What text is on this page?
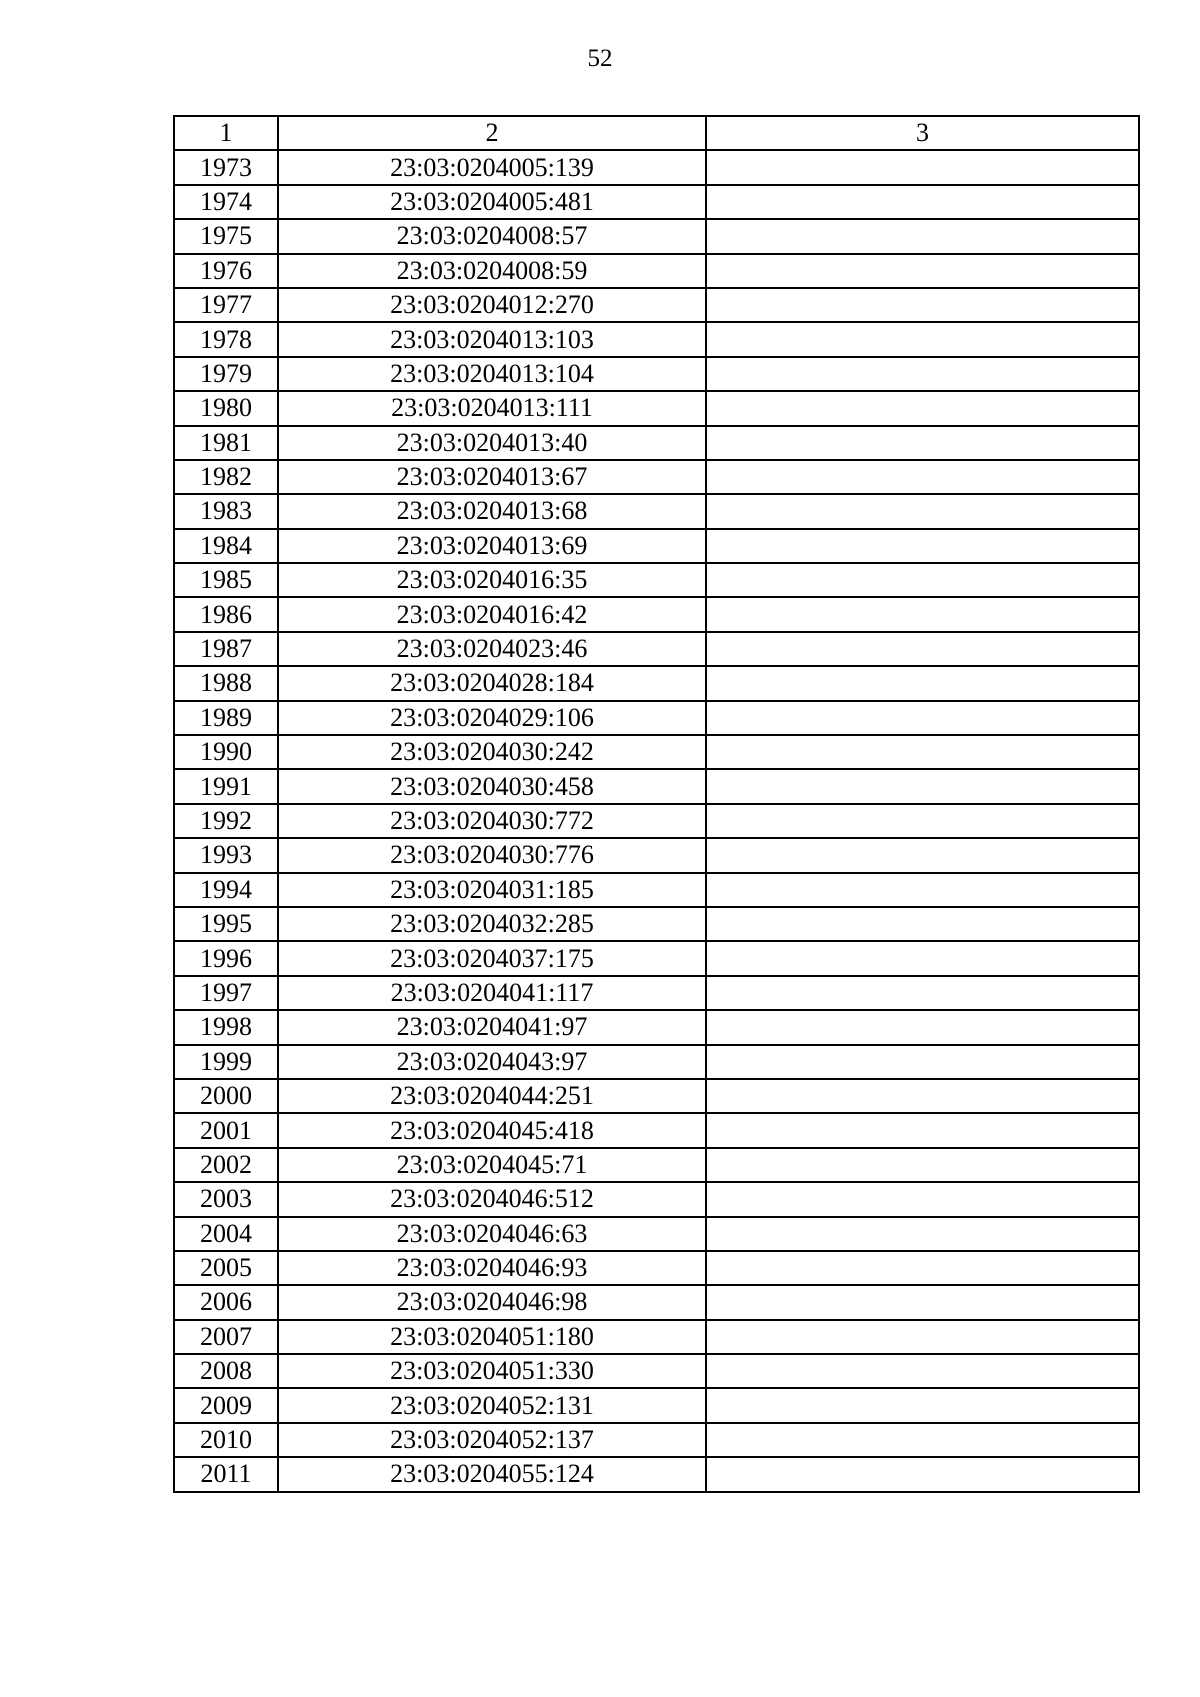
52
1	2	3
1973	23:03:0204005:139	
1974	23:03:0204005:481	
1975	23:03:0204008:57	
1976	23:03:0204008:59	
1977	23:03:0204012:270	
1978	23:03:0204013:103	
1979	23:03:0204013:104	
1980	23:03:0204013:111	
1981	23:03:0204013:40	
1982	23:03:0204013:67	
1983	23:03:0204013:68	
1984	23:03:0204013:69	
1985	23:03:0204016:35	
1986	23:03:0204016:42	
1987	23:03:0204023:46	
1988	23:03:0204028:184	
1989	23:03:0204029:106	
1990	23:03:0204030:242	
1991	23:03:0204030:458	
1992	23:03:0204030:772	
1993	23:03:0204030:776	
1994	23:03:0204031:185	
1995	23:03:0204032:285	
1996	23:03:0204037:175	
1997	23:03:0204041:117	
1998	23:03:0204041:97	
1999	23:03:0204043:97	
2000	23:03:0204044:251	
2001	23:03:0204045:418	
2002	23:03:0204045:71	
2003	23:03:0204046:512	
2004	23:03:0204046:63	
2005	23:03:0204046:93	
2006	23:03:0204046:98	
2007	23:03:0204051:180	
2008	23:03:0204051:330	
2009	23:03:0204052:131	
2010	23:03:0204052:137	
2011	23:03:0204055:124	
